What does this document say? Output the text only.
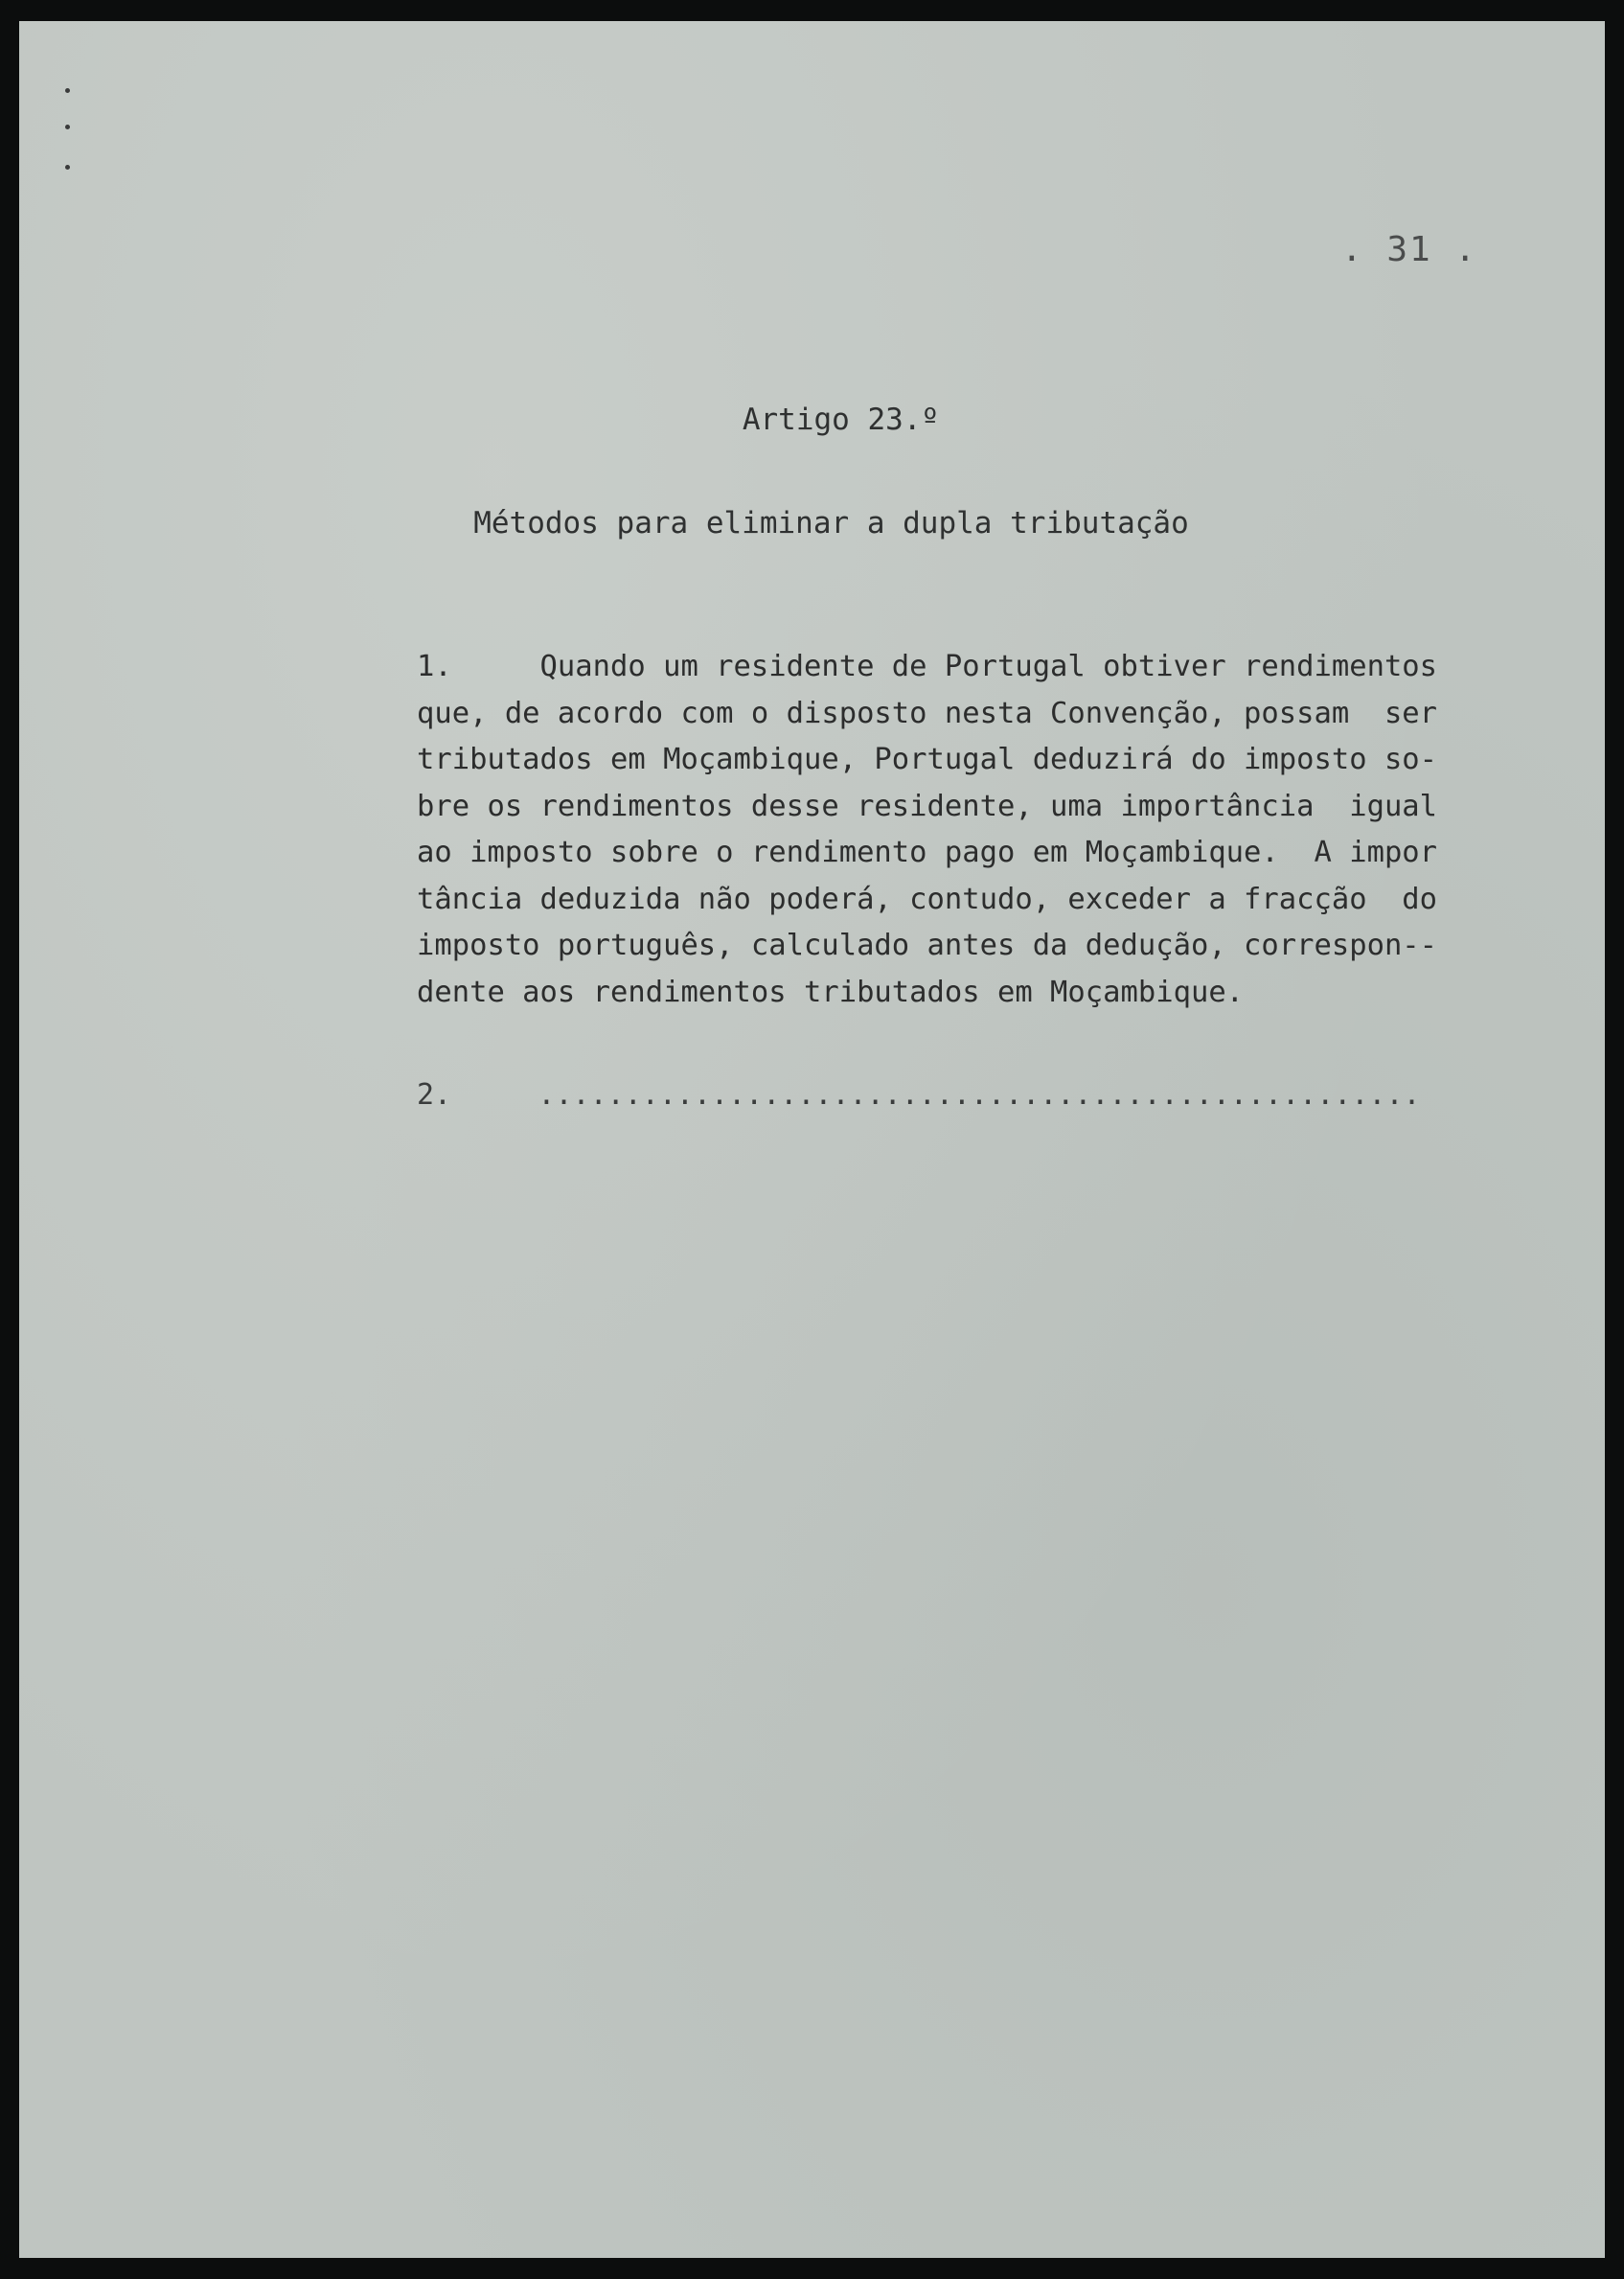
. 31 .
Artigo 23.º
Métodos para eliminar a dupla tributação
1.     Quando um residente de Portugal obtiver rendimentos
que, de acordo com o disposto nesta Convenção, possam  ser
tributados em Moçambique, Portugal deduzirá do imposto so-
bre os rendimentos desse residente, uma importância  igual
ao imposto sobre o rendimento pago em Moçambique.  A impor
tância deduzida não poderá, contudo, exceder a fracção  do
imposto português, calculado antes da dedução, correspon--
dente aos rendimentos tributados em Moçambique.
2.     ...................................................
